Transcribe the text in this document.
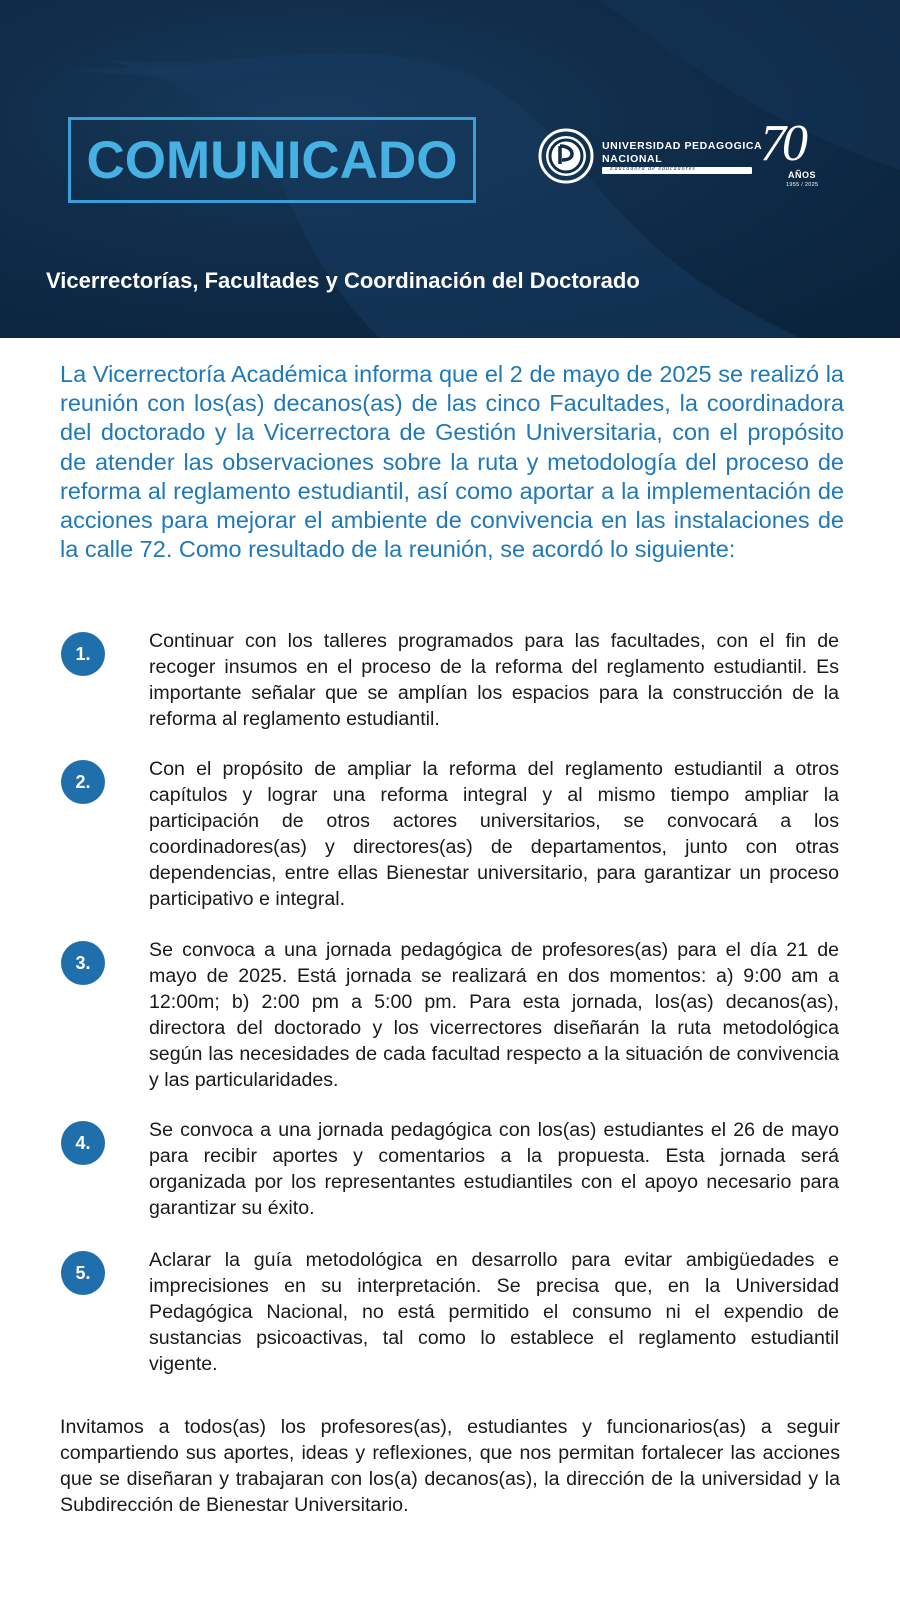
COMUNICADO	UNIVERSIDAD PEDAGOGICA
NACIONAL
Educadora de educadores 70
AÑOS
1955 / 2025
Vicerrectorías, Facultades y Coordinación del Doctorado
La Vicerrectoría Académica informa que el 2 de mayo de 2025 se realizó la reunión con los(as) decanos(as) de las cinco Facultades, la coordinadora del doctorado y la Vicerrectora de Gestión Universitaria, con el propósito de atender las observaciones sobre la ruta y metodología del proceso de reforma al reglamento estudiantil, así como aportar a la implementación de acciones para mejorar el ambiente de convivencia en las instalaciones de la calle 72. Como resultado de la reunión, se acordó lo siguiente:
1.
Continuar con los talleres programados para las facultades, con el fin de recoger insumos en el proceso de la reforma del reglamento estudiantil. Es importante señalar que se amplían los espacios para la construcción de la reforma al reglamento estudiantil.
2.
Con el propósito de ampliar la reforma del reglamento estudiantil a otros capítulos y lograr una reforma integral y al mismo tiempo ampliar la participación de otros actores universitarios, se convocará a los coordinadores(as) y directores(as) de departamentos, junto con otras dependencias, entre ellas Bienestar universitario, para garantizar un proceso participativo e integral.
3.
Se convoca a una jornada pedagógica de profesores(as) para el día 21 de mayo de 2025. Está jornada se realizará en dos momentos: a) 9:00 am a 12:00m; b) 2:00 pm a 5:00 pm. Para esta jornada, los(as) decanos(as), directora del doctorado y los vicerrectores diseñarán la ruta metodológica según las necesidades de cada facultad respecto a la situación de convivencia y las particularidades.
4.
Se convoca a una jornada pedagógica con los(as) estudiantes el 26 de mayo para recibir aportes y comentarios a la propuesta. Esta jornada será organizada por los representantes estudiantiles con el apoyo necesario para garantizar su éxito.
5.
Aclarar la guía metodológica en desarrollo para evitar ambigüedades e imprecisiones en su interpretación. Se precisa que, en la Universidad Pedagógica Nacional, no está permitido el consumo ni el expendio de sustancias psicoactivas, tal como lo establece el reglamento estudiantil vigente.
Invitamos a todos(as) los profesores(as), estudiantes y funcionarios(as) a seguir compartiendo sus aportes, ideas y reflexiones, que nos permitan fortalecer las acciones que se diseñaran y trabajaran con los(a) decanos(as), la dirección de la universidad y la Subdirección de Bienestar Universitario.
